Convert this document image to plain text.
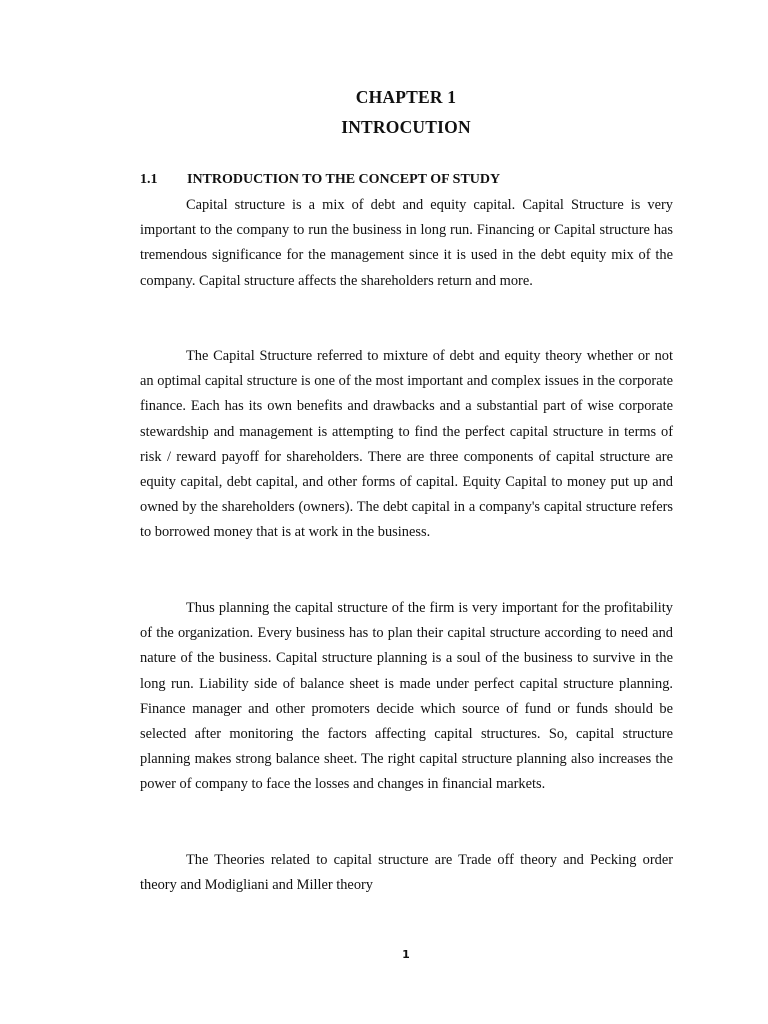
CHAPTER 1
INTROCUTION
1.1 INTRODUCTION TO THE CONCEPT OF STUDY

Capital structure is a mix of debt and equity capital. Capital Structure is very important to the company to run the business in long run. Financing or Capital structure has tremendous significance for the management since it is used in the debt equity mix of the company. Capital structure affects the shareholders return and more.

The Capital Structure referred to mixture of debt and equity theory whether or not an optimal capital structure is one of the most important and complex issues in the corporate finance. Each has its own benefits and drawbacks and a substantial part of wise corporate stewardship and management is attempting to find the perfect capital structure in terms of risk / reward payoff for shareholders. There are three components of capital structure are equity capital, debt capital, and other forms of capital. Equity Capital to money put up and owned by the shareholders (owners). The debt capital in a company's capital structure refers to borrowed money that is at work in the business.

Thus planning the capital structure of the firm is very important for the profitability of the organization. Every business has to plan their capital structure according to need and nature of the business. Capital structure planning is a soul of the business to survive in the long run. Liability side of balance sheet is made under perfect capital structure planning. Finance manager and other promoters decide which source of fund or funds should be selected after monitoring the factors affecting capital structures. So, capital structure planning makes strong balance sheet. The right capital structure planning also increases the power of company to face the losses and changes in financial markets.

The Theories related to capital structure are Trade off theory and Pecking order theory and Modigliani and Miller theory

1
